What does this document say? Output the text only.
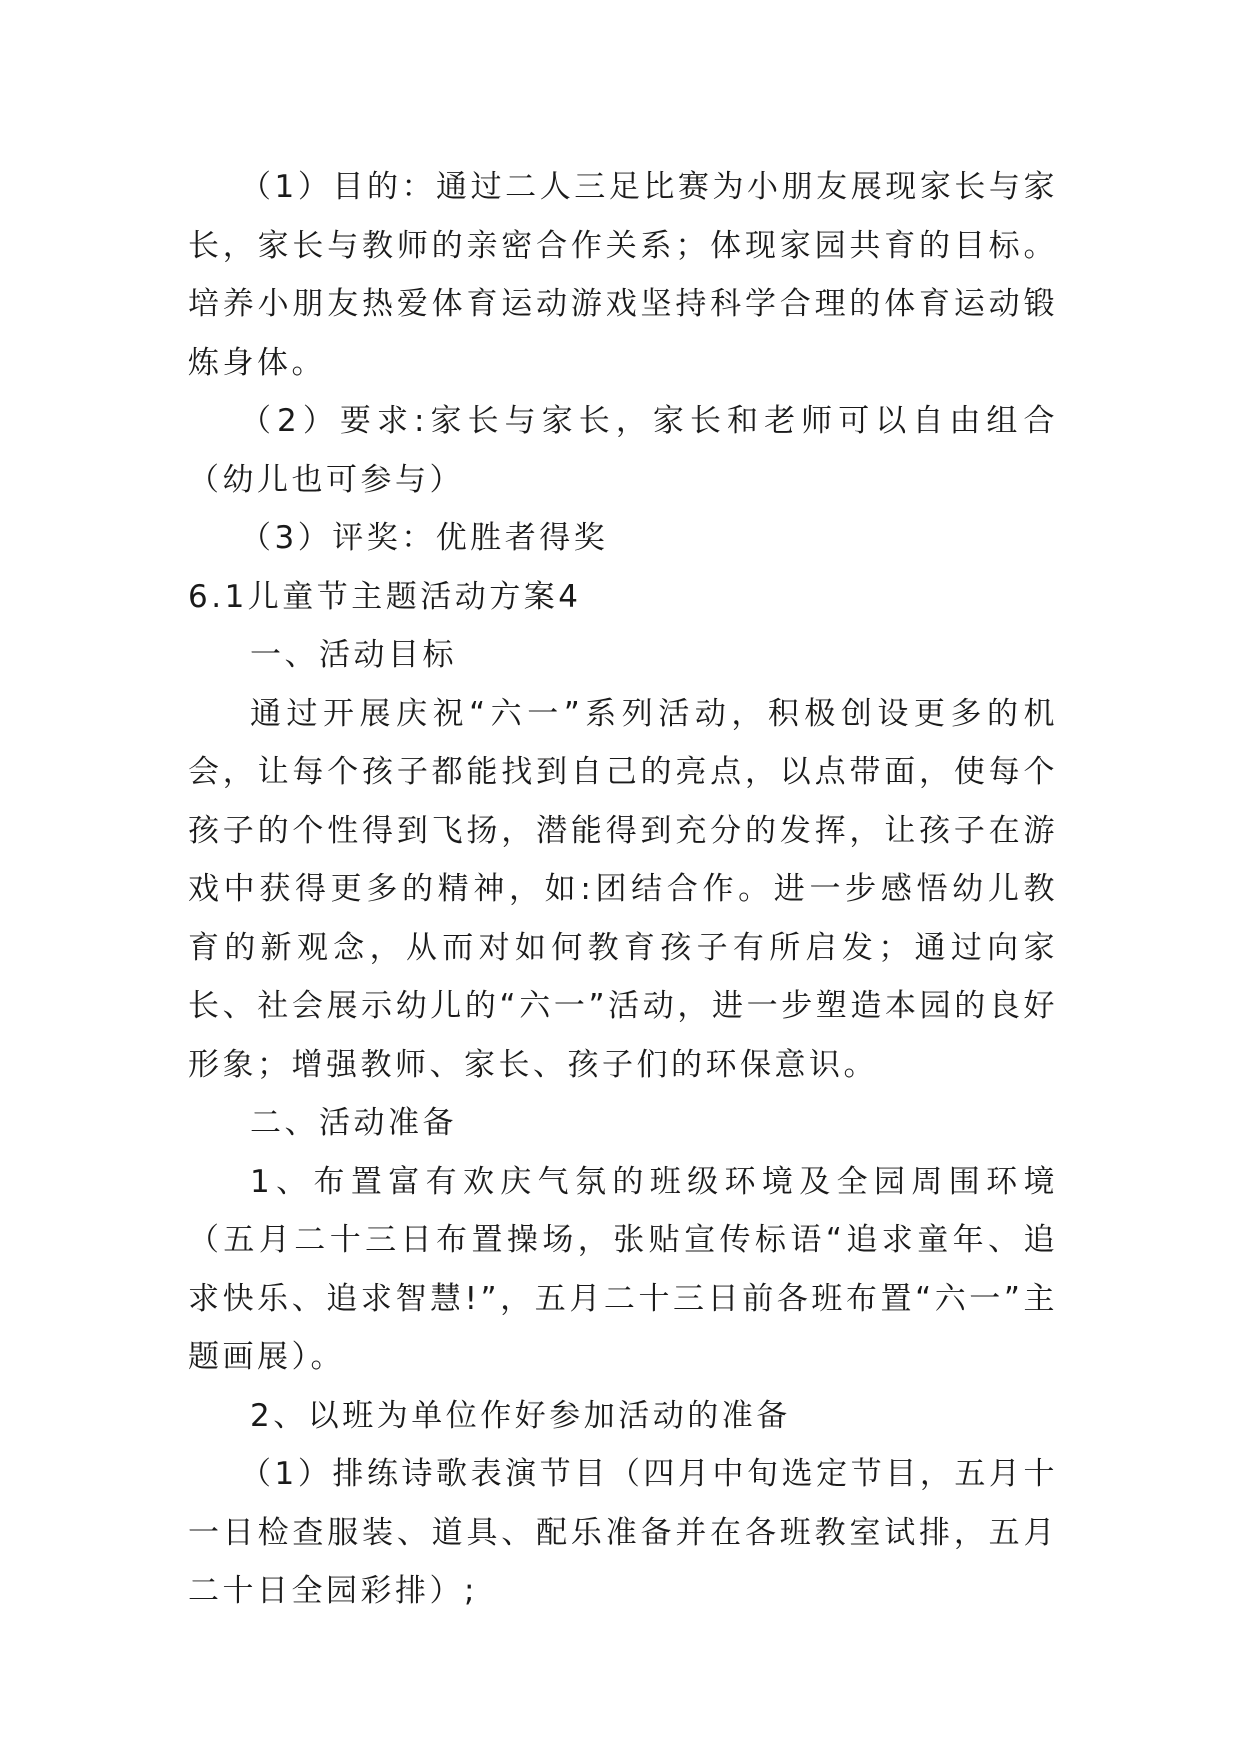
（1）目的：通过二人三足比赛为小朋友展现家长与家长，家长与教师的亲密合作关系；体现家园共育的目标。培养小朋友热爱体育运动游戏坚持科学合理的体育运动锻炼身体。

（2）要求:家长与家长，家长和老师可以自由组合（幼儿也可参与）

（3）评奖：优胜者得奖

6.1儿童节主题活动方案4

一、活动目标

通过开展庆祝“六一”系列活动，积极创设更多的机会，让每个孩子都能找到自己的亮点，以点带面，使每个孩子的个性得到飞扬，潜能得到充分的发挥，让孩子在游戏中获得更多的精神，如:团结合作。进一步感悟幼儿教育的新观念，从而对如何教育孩子有所启发；通过向家长、社会展示幼儿的“六一”活动，进一步塑造本园的良好形象；增强教师、家长、孩子们的环保意识。

二、活动准备

1、布置富有欢庆气氛的班级环境及全园周围环境（五月二十三日布置操场，张贴宣传标语“追求童年、追求快乐、追求智慧!”，五月二十三日前各班布置“六一”主题画展）。

2、以班为单位作好参加活动的准备

（1）排练诗歌表演节目（四月中旬选定节目，五月十一日检查服装、道具、配乐准备并在各班教室试排，五月二十日全园彩排）;
